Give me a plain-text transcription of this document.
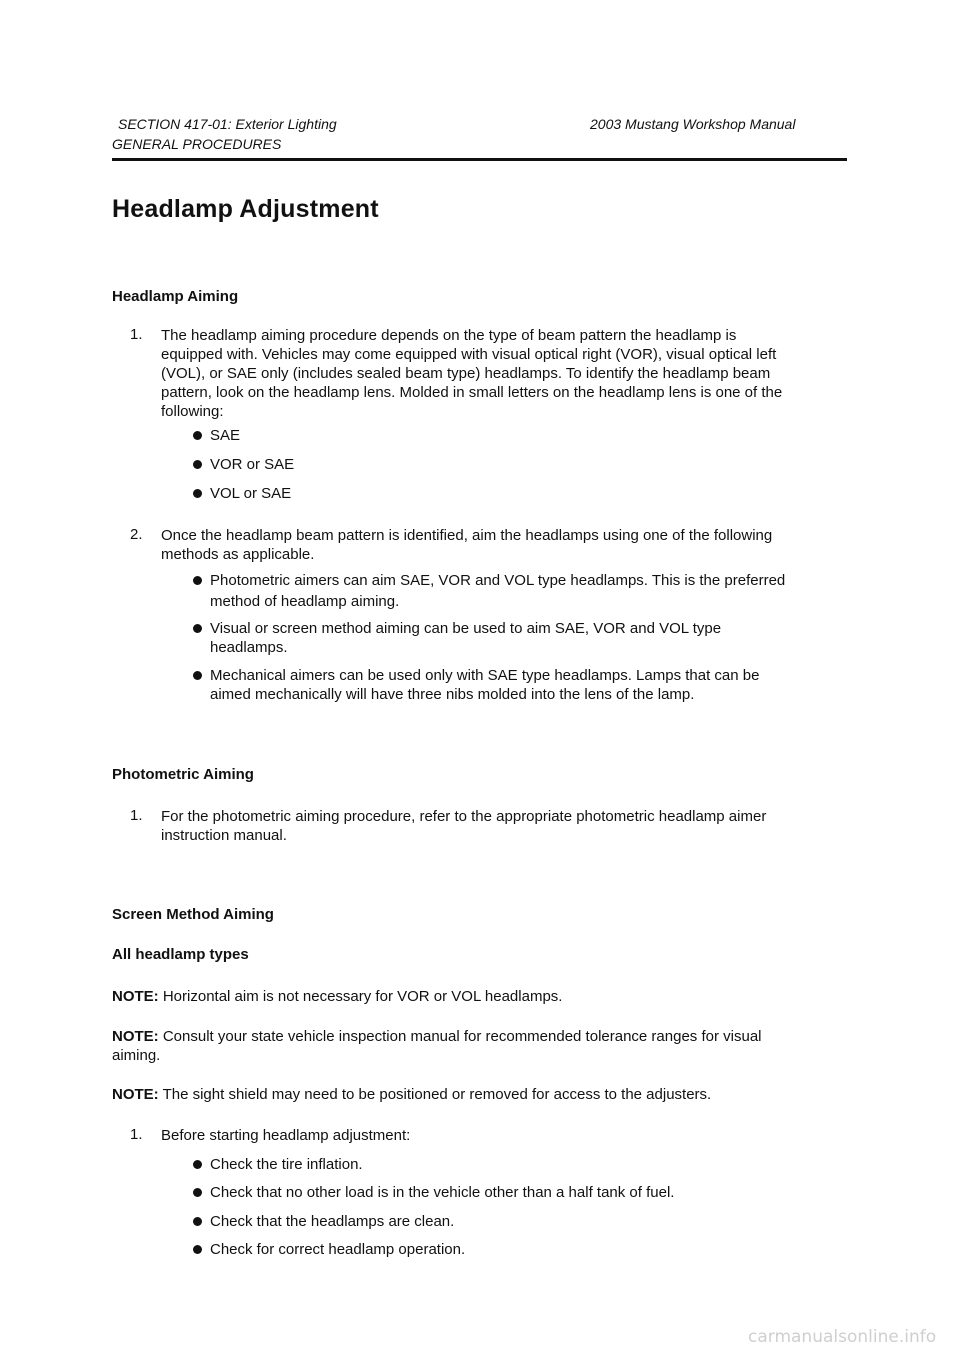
SECTION 417-01: Exterior Lighting	2003 Mustang Workshop Manual
GENERAL PROCEDURES
Headlamp Adjustment
Headlamp Aiming
1. The headlamp aiming procedure depends on the type of beam pattern the headlamp is
equipped with. Vehicles may come equipped with visual optical right (VOR), visual optical left
(VOL), or SAE only (includes sealed beam type) headlamps. To identify the headlamp beam
pattern, look on the headlamp lens. Molded in small letters on the headlamp lens is one of the
following:
SAE
VOR or SAE
VOL or SAE
2. Once the headlamp beam pattern is identified, aim the headlamps using one of the following
methods as applicable.
Photometric aimers can aim SAE, VOR and VOL type headlamps. This is the preferred
method of headlamp aiming.
Visual or screen method aiming can be used to aim SAE, VOR and VOL type
headlamps.
Mechanical aimers can be used only with SAE type headlamps. Lamps that can be
aimed mechanically will have three nibs molded into the lens of the lamp.
Photometric Aiming
1. For the photometric aiming procedure, refer to the appropriate photometric headlamp aimer
instruction manual.
Screen Method Aiming
All headlamp types
NOTE: Horizontal aim is not necessary for VOR or VOL headlamps.
NOTE: Consult your state vehicle inspection manual for recommended tolerance ranges for visual
aiming.
NOTE: The sight shield may need to be positioned or removed for access to the adjusters.
1. Before starting headlamp adjustment:
Check the tire inflation.
Check that no other load is in the vehicle other than a half tank of fuel.
Check that the headlamps are clean.
Check for correct headlamp operation.
carmanualsonline.info
